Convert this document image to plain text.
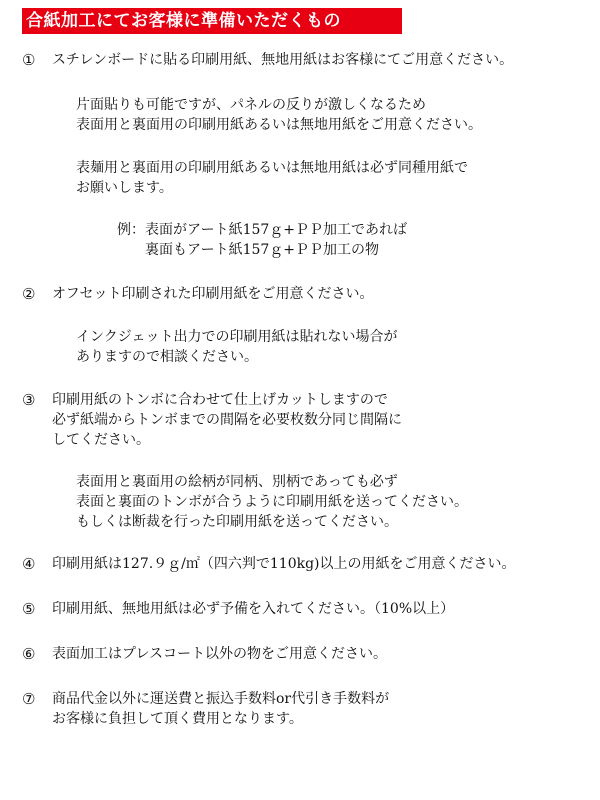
合紙加工にてお客様に準備いただくもの
① スチレンボードに貼る印刷用紙、無地用紙はお客様にてご用意ください。
片面貼りも可能ですが、パネルの反りが激しくなるため
表面用と裏面用の印刷用紙あるいは無地用紙をご用意ください。
表麺用と裏面用の印刷用紙あるいは無地用紙は必ず同種用紙で
お願いします。
例：表面がアート紙157ｇ+ＰＰ加工であれば
裏面もアート紙157ｇ+ＰＰ加工の物
② オフセット印刷された印刷用紙をご用意ください。
インクジェット出力での印刷用紙は貼れない場合が
ありますので相談ください。
③ 印刷用紙のトンボに合わせて仕上げカットしますので
必ず紙端からトンボまでの間隔を必要枚数分同じ間隔に
してください。
表面用と裏面用の絵柄が同柄、別柄であっても必ず
表面と裏面のトンボが合うように印刷用紙を送ってください。
もしくは断裁を行った印刷用紙を送ってください。
④ 印刷用紙は127.９ｇ/㎡（四六判で110kg)以上の用紙をご用意ください。
⑤ 印刷用紙、無地用紙は必ず予備を入れてください。（10%以上）
⑥ 表面加工はプレスコート以外の物をご用意ください。
⑦ 商品代金以外に運送費と振込手数料or代引き手数料が
お客様に負担して頂く費用となります。
